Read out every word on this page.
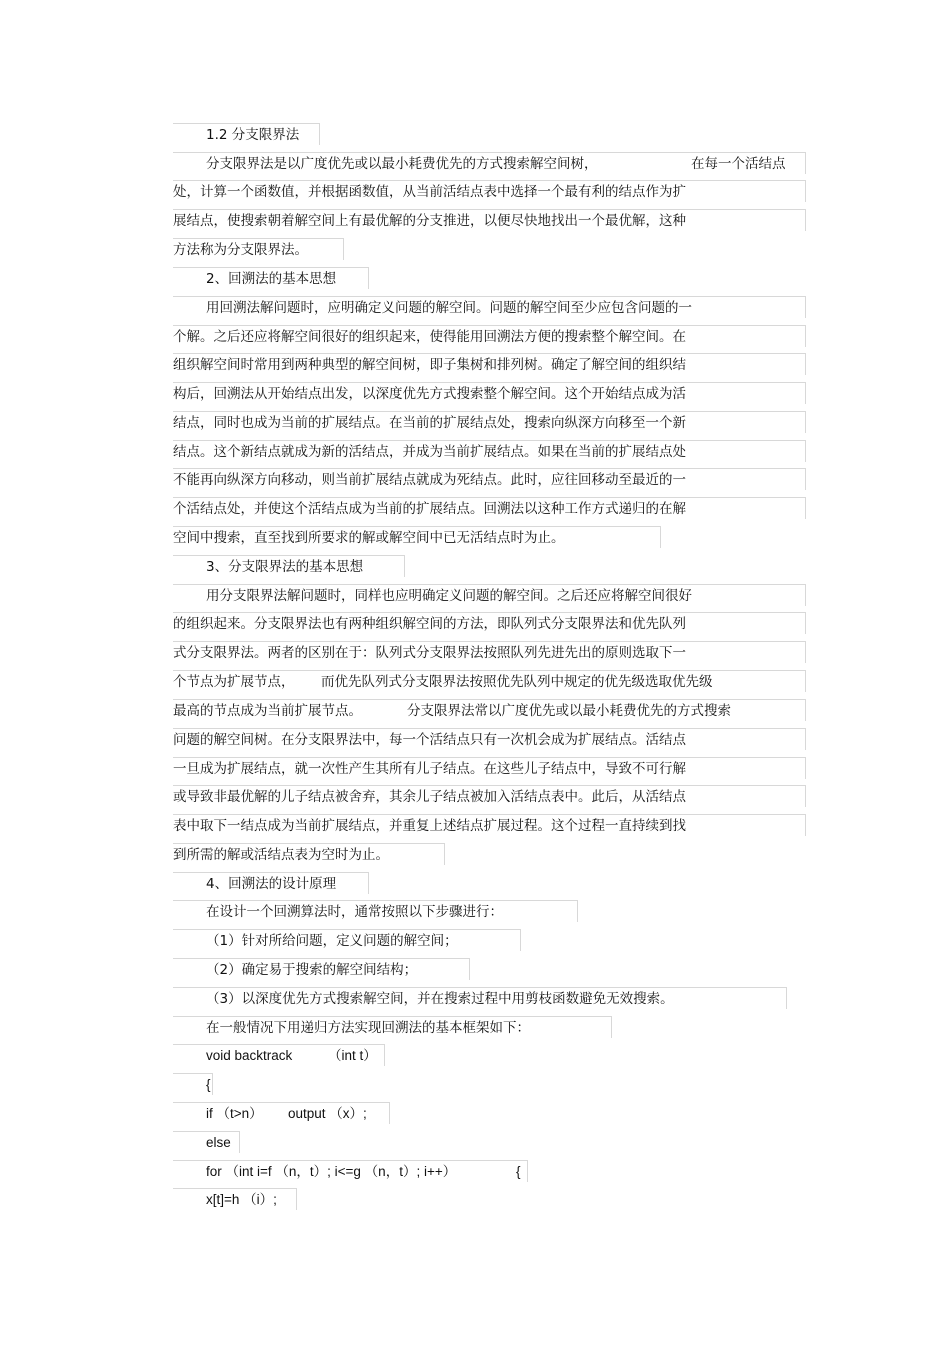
1.2 分支限界法
分支限界法是以广度优先或以最小耗费优先的方式搜索解空间树，	在每一个活结点
处，计算一个函数值，并根据函数值，从当前活结点表中选择一个最有利的结点作为扩
展结点，使搜索朝着解空间上有最优解的分支推进，以便尽快地找出一个最优解，这种
方法称为分支限界法。
2、回溯法的基本思想
用回溯法解问题时，应明确定义问题的解空间。问题的解空间至少应包含问题的一
个解。之后还应将解空间很好的组织起来，使得能用回溯法方便的搜索整个解空间。在
组织解空间时常用到两种典型的解空间树，即子集树和排列树。确定了解空间的组织结
构后，回溯法从开始结点出发，以深度优先方式搜索整个解空间。这个开始结点成为活
结点，同时也成为当前的扩展结点。在当前的扩展结点处，搜索向纵深方向移至一个新
结点。这个新结点就成为新的活结点，并成为当前扩展结点。如果在当前的扩展结点处
不能再向纵深方向移动，则当前扩展结点就成为死结点。此时，应往回移动至最近的一
个活结点处，并使这个活结点成为当前的扩展结点。回溯法以这种工作方式递归的在解
空间中搜索，直至找到所要求的解或解空间中已无活结点时为止。
3、分支限界法的基本思想
用分支限界法解问题时，同样也应明确定义问题的解空间。之后还应将解空间很好
的组织起来。分支限界法也有两种组织解空间的方法，即队列式分支限界法和优先队列
式分支限界法。两者的区别在于：队列式分支限界法按照队列先进先出的原则选取下一
个节点为扩展节点， 而优先队列式分支限界法按照优先队列中规定的优先级选取优先级
最高的节点成为当前扩展节点。	分支限界法常以广度优先或以最小耗费优先的方式搜索
问题的解空间树。在分支限界法中，每一个活结点只有一次机会成为扩展结点。活结点
一旦成为扩展结点，就一次性产生其所有儿子结点。在这些儿子结点中，导致不可行解
或导致非最优解的儿子结点被舍弃，其余儿子结点被加入活结点表中。此后，从活结点
表中取下一结点成为当前扩展结点，并重复上述结点扩展过程。这个过程一直持续到找
到所需的解或活结点表为空时为止。
4、回溯法的设计原理
在设计一个回溯算法时，通常按照以下步骤进行：
（1）针对所给问题，定义问题的解空间；
（2）确定易于搜索的解空间结构；
（3）以深度优先方式搜索解空间，并在搜索过程中用剪枝函数避免无效搜索。
在一般情况下用递归方法实现回溯法的基本框架如下：
void backtrack	（int t）
{
if （t>n） output （x）;
else
for （int i=f （n，t）; i<=g （n，t）; i++）	{
x[t]=h （i）;
